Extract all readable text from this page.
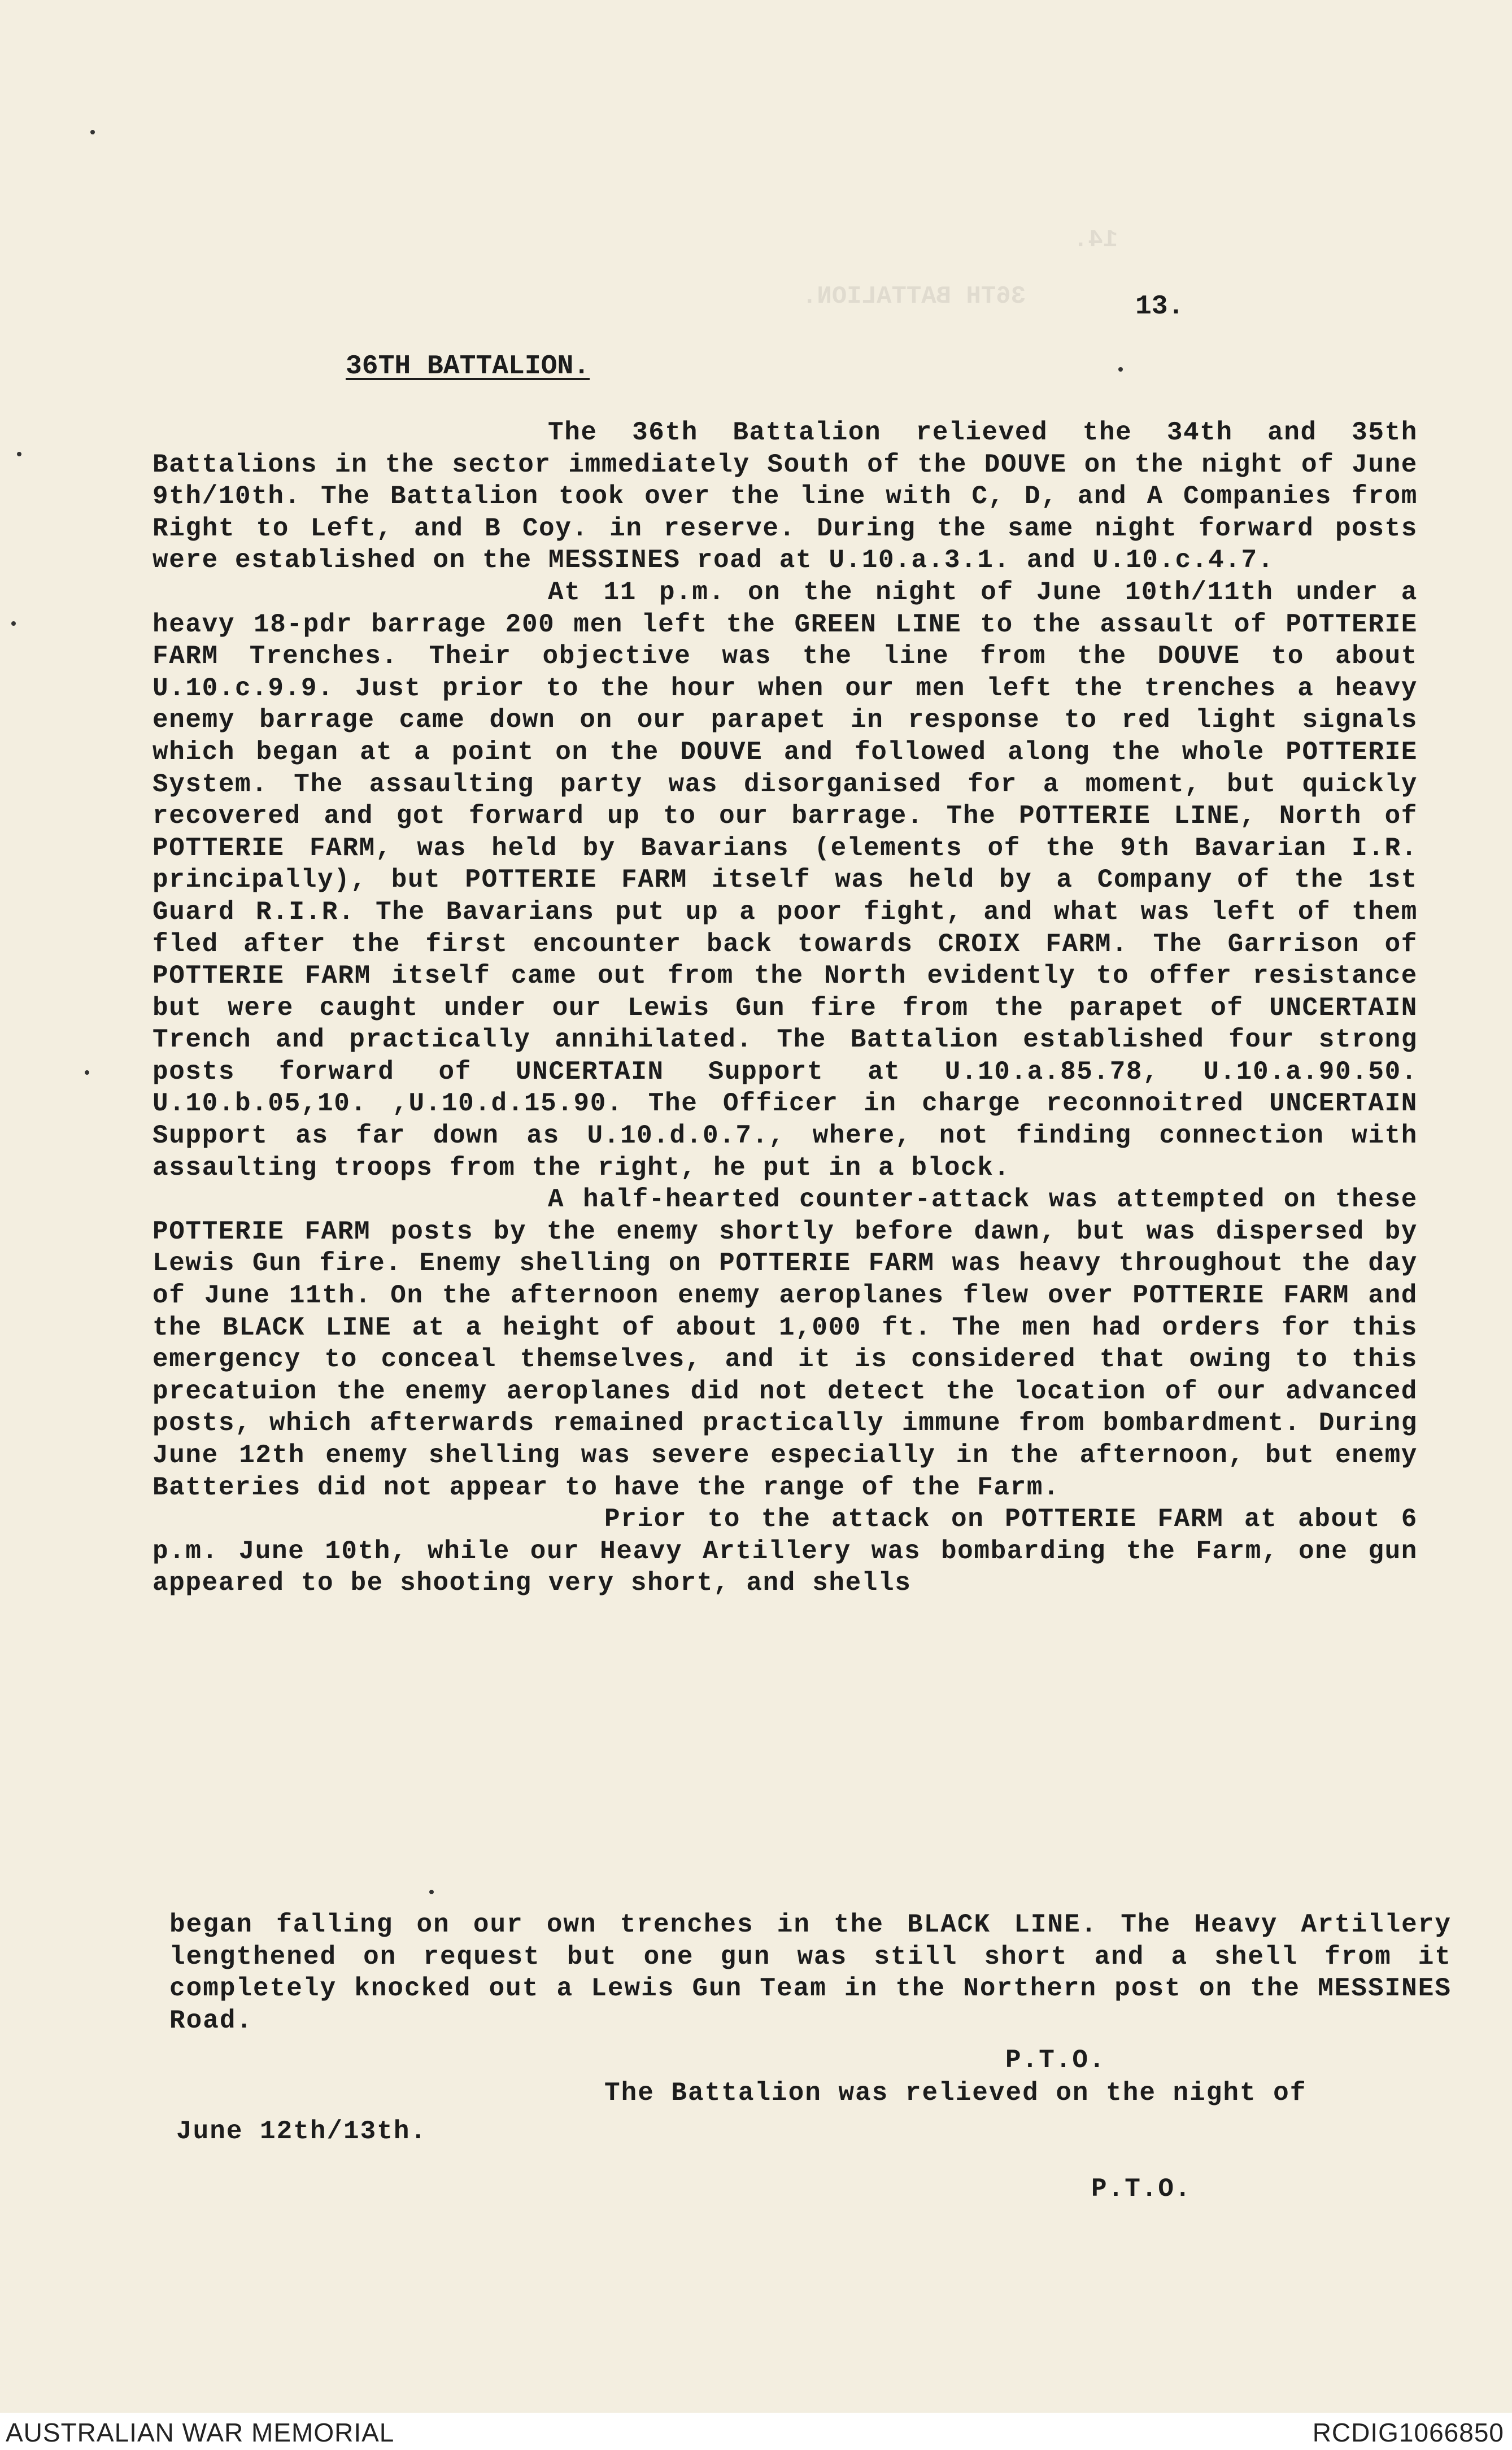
36TH BATTALION.
14.
13.
36TH BATTALION.

The 36th Battalion relieved the 34th and 35th Battalions in the sector immediately South of the DOUVE on the night of June 9th/10th. The Battalion took over the line with C, D, and A Companies from Right to Left, and B Coy. in reserve. During the same night forward posts were established on the MESSINES road at U.10.a.3.1. and U.10.c.4.7.

At 11 p.m. on the night of June 10th/11th under a heavy 18-pdr barrage 200 men left the GREEN LINE to the assault of POTTERIE FARM Trenches. Their objective was the line from the DOUVE to about U.10.c.9.9. Just prior to the hour when our men left the trenches a heavy enemy barrage came down on our parapet in response to red light signals which began at a point on the DOUVE and followed along the whole POTTERIE System. The assaulting party was disorganised for a moment, but quickly recovered and got forward up to our barrage. The POTTERIE LINE, North of POTTERIE FARM, was held by Bavarians (elements of the 9th Bavarian I.R. principally), but POTTERIE FARM itself was held by a Company of the 1st Guard R.I.R. The Bavarians put up a poor fight, and what was left of them fled after the first encounter back towards CROIX FARM. The Garrison of POTTERIE FARM itself came out from the North evidently to offer resistance but were caught under our Lewis Gun fire from the parapet of UNCERTAIN Trench and practically annihilated. The Battalion established four strong posts forward of UNCERTAIN Support at U.10.a.85.78, U.10.a.90.50. U.10.b.05,10. ,U.10.d.15.90. The Officer in charge reconnoitred UNCERTAIN Support as far down as U.10.d.0.7., where, not finding connection with assaulting troops from the right, he put in a block.

A half-hearted counter-attack was attempted on these POTTERIE FARM posts by the enemy shortly before dawn, but was dispersed by Lewis Gun fire. Enemy shelling on POTTERIE FARM was heavy throughout the day of June 11th. On the afternoon enemy aeroplanes flew over POTTERIE FARM and the BLACK LINE at a height of about 1,000 ft. The men had orders for this emergency to conceal themselves, and it is considered that owing to this precatuion the enemy aeroplanes did not detect the location of our advanced posts, which afterwards remained practically immune from bombardment. During June 12th enemy shelling was severe especially in the afternoon, but enemy Batteries did not appear to have the range of the Farm.

Prior to the attack on POTTERIE FARM at about 6 p.m. June 10th, while our Heavy Artillery was bombarding the Farm, one gun appeared to be shooting very short, and shells

began falling on our own trenches in the BLACK LINE. The Heavy Artillery lengthened on request but one gun was still short and a shell from it completely knocked out a Lewis Gun Team in the Northern post on the MESSINES Road.

P.T.O.
The Battalion was relieved on the night of
June 12th/13th.
P.T.O.
AUSTRALIAN WAR MEMORIAL	RCDIG1066850
